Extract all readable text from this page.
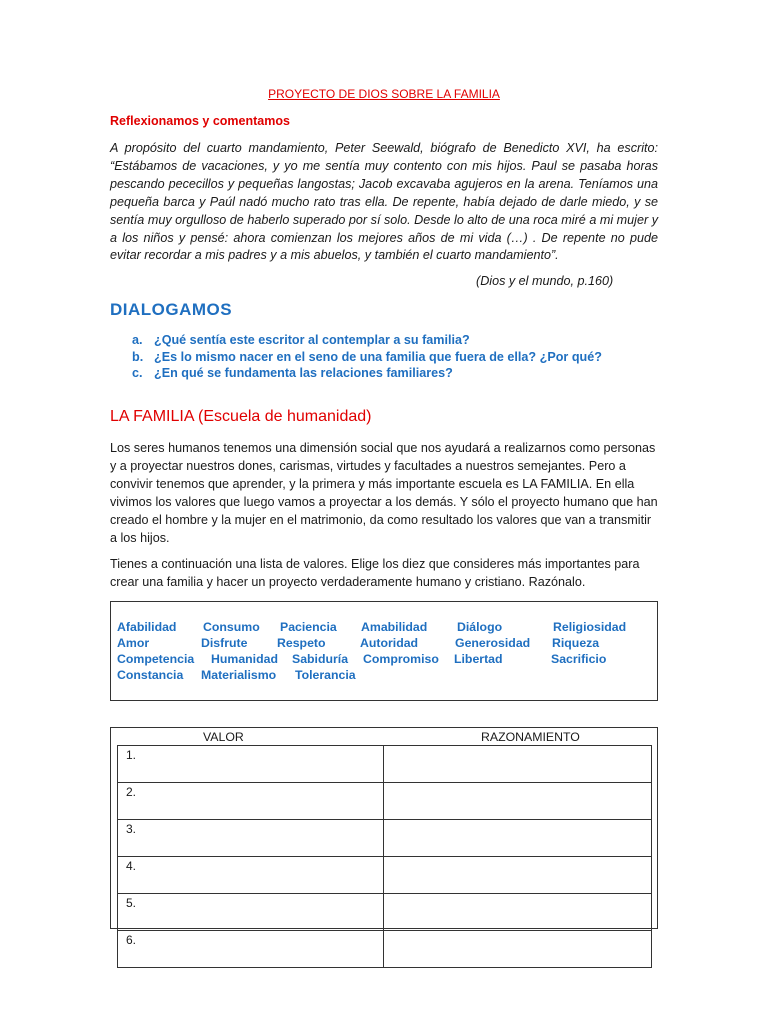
PROYECTO DE DIOS SOBRE LA FAMILIA
Reflexionamos y comentamos
A propósito del cuarto mandamiento, Peter Seewald, biógrafo de Benedicto XVI, ha escrito: “Estábamos de vacaciones, y yo me sentía muy contento con mis hijos. Paul se pasaba horas pescando pececillos y pequeñas langostas; Jacob excavaba agujeros en la arena. Teníamos una pequeña barca y Paúl nadó mucho rato tras ella. De repente, había dejado de darle miedo, y se sentía muy orgulloso de haberlo superado por sí solo. Desde lo alto de una roca miré a mi mujer y a los niños y pensé: ahora comienzan los mejores años de mi vida (…) . De repente no pude evitar recordar a mis padres y a mis abuelos, y también el cuarto mandamiento”.
(Dios y el mundo, p.160)
DIALOGAMOS
a. ¿Qué sentía este escritor al contemplar a su familia?
b. ¿Es lo mismo nacer en el seno de una familia que fuera de ella? ¿Por qué?
c. ¿En qué se fundamenta las relaciones familiares?
LA FAMILIA (Escuela de humanidad)
Los seres humanos tenemos una dimensión social que nos ayudará a realizarnos como personas y a proyectar nuestros dones, carismas, virtudes y facultades a nuestros semejantes. Pero a convivir tenemos que aprender, y la primera y más importante escuela es LA FAMILIA. En ella vivimos los valores que luego vamos a proyectar a los demás. Y sólo el proyecto humano que han creado el hombre y la mujer en el matrimonio, da como resultado los valores que van a transmitir a los hijos.
Tienes a continuación una lista de valores. Elige los diez que consideres más importantes para crear una familia y hacer un proyecto verdaderamente humano y cristiano. Razónalo.
Afabilidad Consumo Paciencia Amabilidad Diálogo	Religiosidad
Amor	Disfrute Respeto	Autoridad	Generosidad Riqueza
Competencia Humanidad Sabiduría Compromiso Libertad	Sacrificio
Constancia Materialismo Tolerancia
VALOR	RAZONAMIENTO
1.	
2.	
3.	
4.	
5.	
6.	
